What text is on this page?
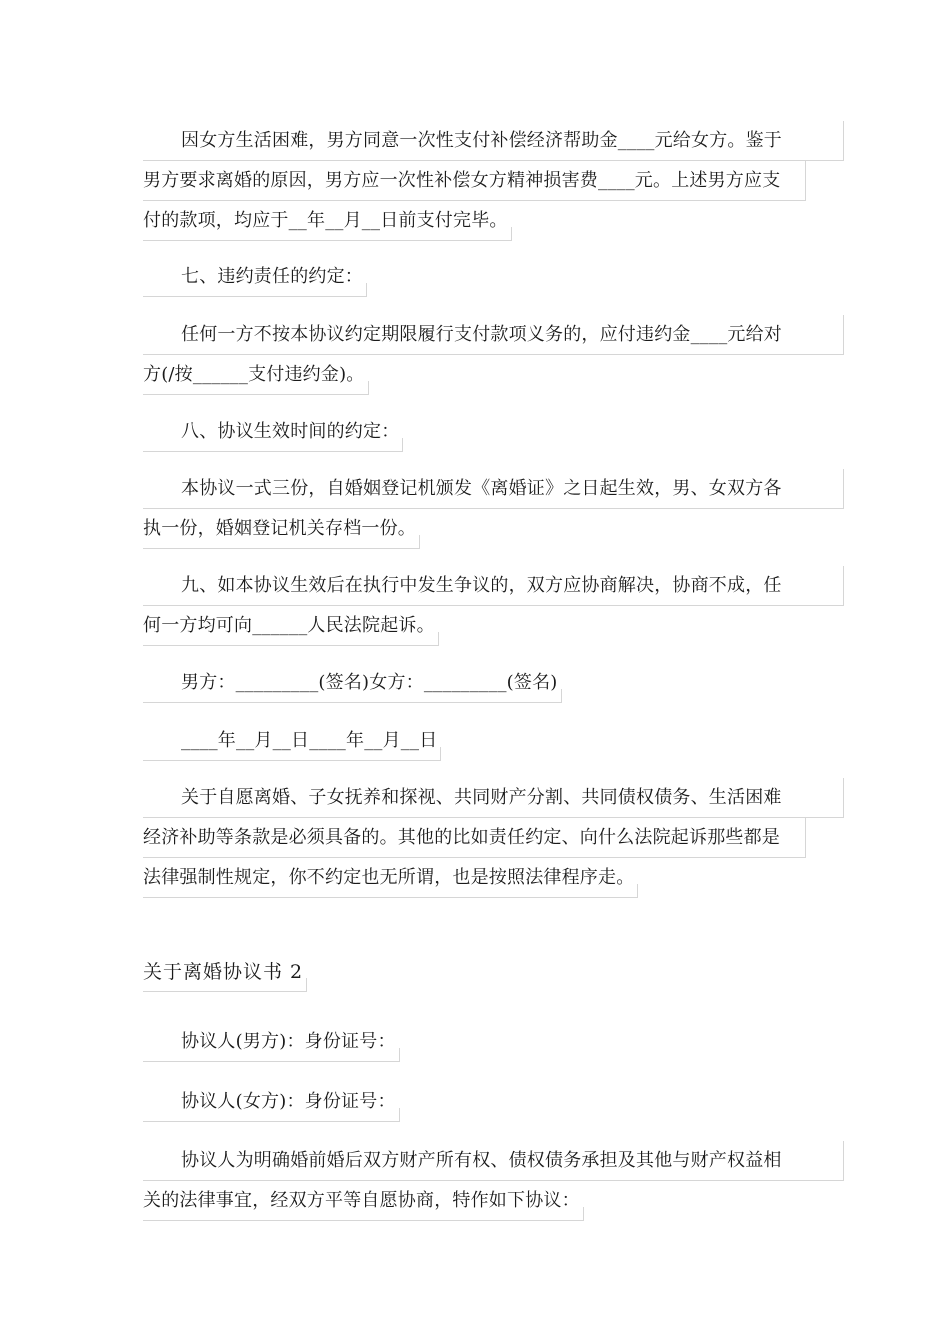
因女方生活困难，男方同意一次性支付补偿经济帮助金____元给女方。鉴于
男方要求离婚的原因，男方应一次性补偿女方精神损害费____元。上述男方应支
付的款项，均应于__年__月__日前支付完毕。
七、违约责任的约定：
任何一方不按本协议约定期限履行支付款项义务的，应付违约金____元给对
方(/按______支付违约金)。
八、协议生效时间的约定：
本协议一式三份，自婚姻登记机颁发《离婚证》之日起生效，男、女双方各
执一份，婚姻登记机关存档一份。
九、如本协议生效后在执行中发生争议的，双方应协商解决，协商不成，任
何一方均可向______人民法院起诉。
男方：_________(签名)女方：_________(签名)
____年__月__日____年__月__日
关于自愿离婚、子女抚养和探视、共同财产分割、共同债权债务、生活困难
经济补助等条款是必须具备的。其他的比如责任约定、向什么法院起诉那些都是
法律强制性规定，你不约定也无所谓，也是按照法律程序走。
关于离婚协议书 2
协议人(男方)：身份证号：
协议人(女方)：身份证号：
协议人为明确婚前婚后双方财产所有权、债权债务承担及其他与财产权益相
关的法律事宜，经双方平等自愿协商，特作如下协议：
